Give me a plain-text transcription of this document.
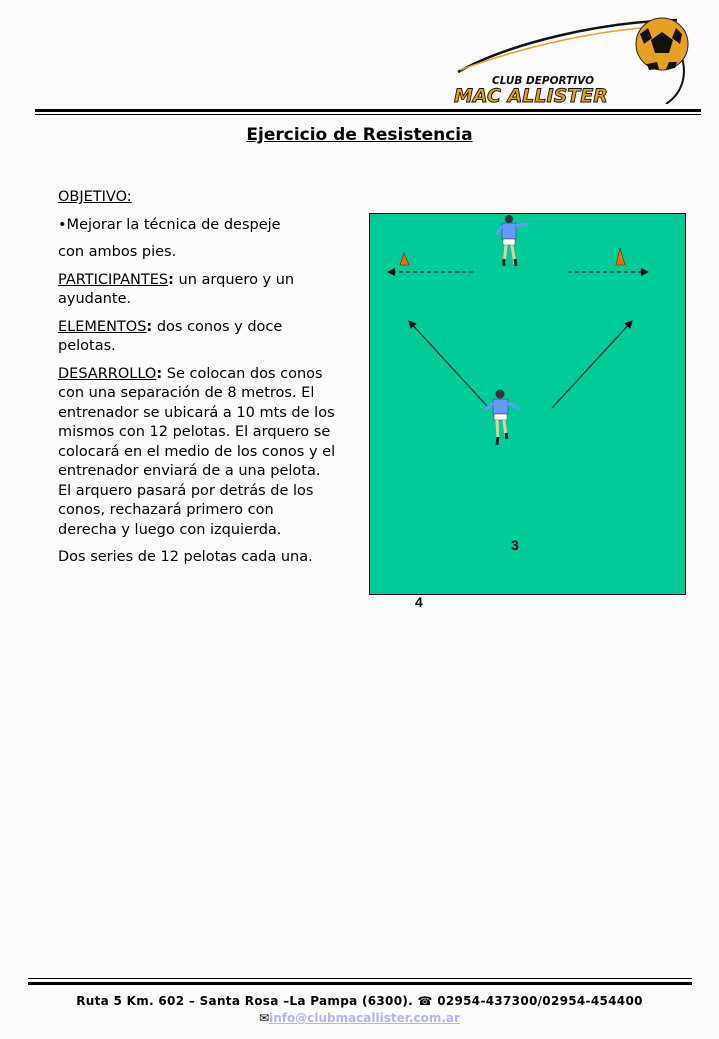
CLUB DEPORTIVO
MAC ALLISTER
Ejercicio de Resistencia

OBJETIVO:

•Mejorar la técnica de despeje

con ambos pies.

PARTICIPANTES: un arquero y un ayudante.

ELEMENTOS: dos conos y doce pelotas.

DESARROLLO: Se colocan dos conos con una separación de 8 metros. El entrenador se ubicará a 10 mts de los mismos con 12 pelotas. El arquero se colocará en el medio de los conos y el entrenador enviará de a una pelota. El arquero pasará por detrás de los conos, rechazará primero con derecha y luego con izquierda.

Dos series de 12 pelotas cada una.

3
4
Ruta 5 Km. 602 – Santa Rosa –La Pampa (6300). ☎ 02954-437300/02954-454400
✉info@clubmacallister.com.ar
